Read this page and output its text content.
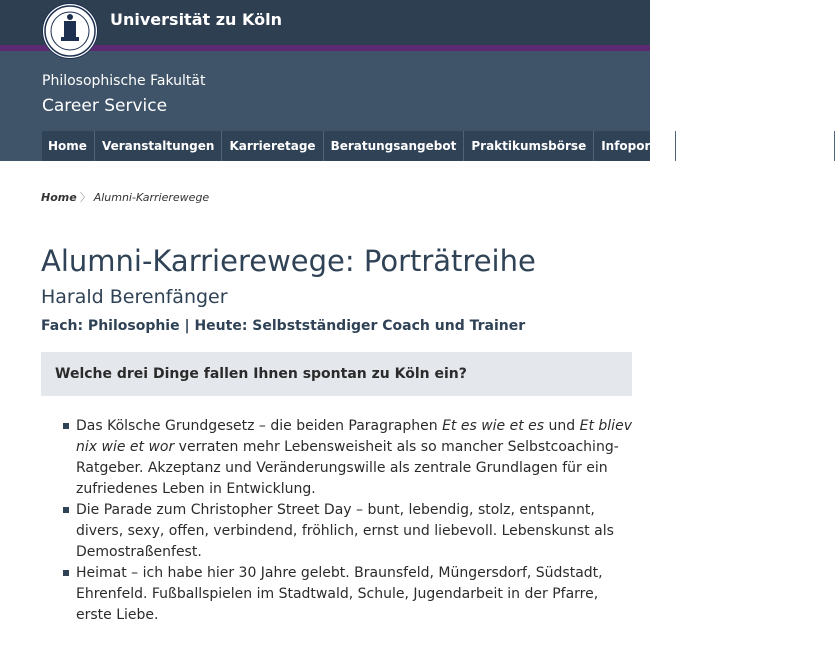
Universität zu Köln
Philosophische Fakultät
Career Service
Home	Veranstaltungen	Karrieretage	Beratungsangebot	Praktikumsbörse	Infoportal	Alumni-Karrierewege
Home 〉 Alumni-Karrierewege
Alumni-Karrierewege: Porträtreihe
Harald Berenfänger
Fach: Philosophie | Heute: Selbstständiger Coach und Trainer
Welche drei Dinge fallen Ihnen spontan zu Köln ein?
Das Kölsche Grundgesetz – die beiden Paragraphen Et es wie et es und Et bliev nix wie et wor verraten mehr Lebensweisheit als so mancher Selbstcoaching-Ratgeber. Akzeptanz und Veränderungswille als zentrale Grundlagen für ein zufriedenes Leben in Entwicklung.
Die Parade zum Christopher Street Day – bunt, lebendig, stolz, entspannt, divers, sexy, offen, verbindend, fröhlich, ernst und liebevoll. Lebenskunst als Demostraßenfest.
Heimat – ich habe hier 30 Jahre gelebt. Braunsfeld, Müngersdorf, Südstadt, Ehrenfeld. Fußballspielen im Stadtwald, Schule, Jugendarbeit in der Pfarre, erste Liebe.
